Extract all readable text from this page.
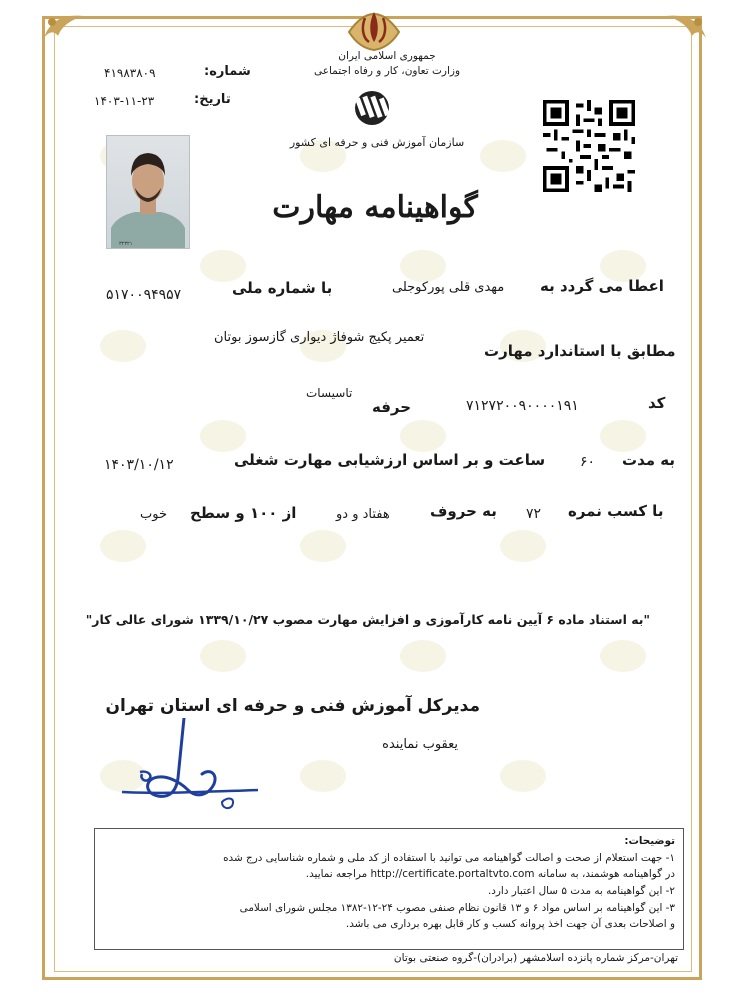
جمهوری اسلامی ایران
وزارت تعاون، کار و رفاه اجتماعی
سازمان آموزش فنی و حرفه ای کشور
شماره:
۴۱۹۸۳۸۰۹
تاریخ:
۱۴۰۳-۱۱-۲۳
۳۲۳۲۱
گواهینامه مهارت
اعطا می گردد به
مهدی قلی پورکوجلی
با شماره ملی
۵۱۷۰۰۹۴۹۵۷
تعمیر پکیج شوفاژ دیواری گازسوز بوتان
مطابق با استاندارد مهارت
کد
۷۱۲۷۲۰۰۹۰۰۰۰۱۹۱
حرفه
تاسیسات
به مدت
۶۰
ساعت و بر اساس ارزشیابی مهارت شغلی
۱۴۰۳/۱۰/۱۲
با کسب نمره
۷۲
به حروف
هفتاد و دو
از ۱۰۰ و سطح
خوب
"به استناد ماده ۶ آیین نامه کارآموزی و افزایش مهارت مصوب ۱۳۳۹/۱۰/۲۷ شورای عالی کار"
مدیرکل آموزش فنی و حرفه ای استان تهران
یعقوب نماینده
توضیحات:
۱- جهت استعلام از صحت و اصالت گواهینامه می توانید با استفاده از کد ملی و شماره شناسایی درج شده
در گواهینامه هوشمند، به سامانه http://certificate.portaltvto.com مراجعه نمایید.
۲- این گواهینامه به مدت ۵ سال اعتبار دارد.
۳- این گواهینامه بر اساس مواد ۶ و ۱۳ قانون نظام صنفی مصوب ۲۴-۱۲-۱۳۸۲ مجلس شورای اسلامی
و اصلاحات بعدی آن جهت اخذ پروانه کسب و کار قابل بهره برداری می باشد.
تهران-مرکز شماره پانزده اسلامشهر (برادران)-گروه صنعتی بوتان
